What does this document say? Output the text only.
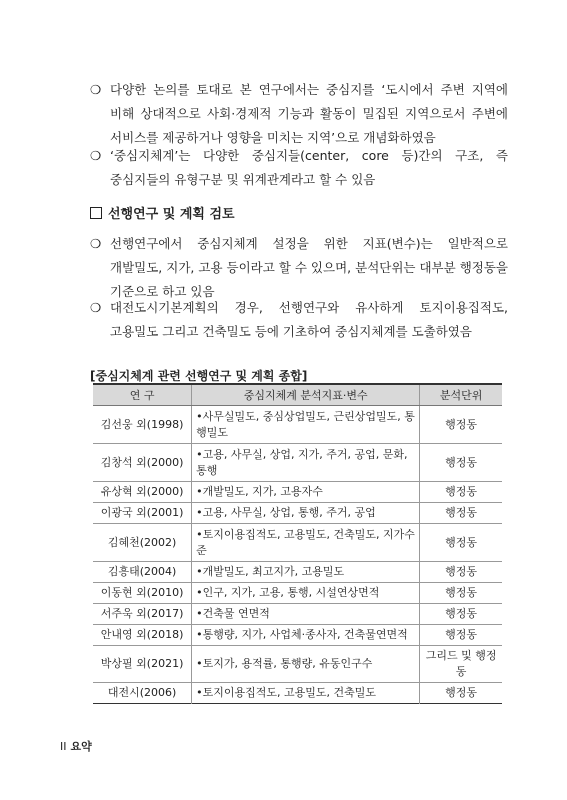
❍ 다양한 논의를 토대로 본 연구에서는 중심지를 ‘도시에서 주변 지역에 비해 상대적으로 사회·경제적 기능과 활동이 밀집된 지역으로서 주변에 서비스를 제공하거나 영향을 미치는 지역’으로 개념화하였음
❍ ‘중심지체계’는 다양한 중심지들(center, core 등)간의 구조, 즉 중심지들의 유형구분 및 위계관계라고 할 수 있음
선행연구 및 계획 검토
❍ 선행연구에서 중심지체계 설정을 위한 지표(변수)는 일반적으로 개발밀도, 지가, 고용 등이라고 할 수 있으며, 분석단위는 대부분 행정동을 기준으로 하고 있음
❍ 대전도시기본계획의 경우, 선행연구와 유사하게 토지이용집적도, 고용밀도 그리고 건축밀도 등에 기초하여 중심지체계를 도출하였음
[중심지체계 관련 선행연구 및 계획 종합]
연 구	중심지체계 분석지표·변수	분석단위
김선웅 외(1998)	•사무실밀도, 중심상업밀도, 근린상업밀도, 통행밀도	행정동
김창석 외(2000)	•고용, 사무실, 상업, 지가, 주거, 공업, 문화, 통행	행정동
유상혁 외(2000)	•개발밀도, 지가, 고용자수	행정동
이광국 외(2001)	•고용, 사무실, 상업, 통행, 주거, 공업	행정동
김혜천(2002)	•토지이용집적도, 고용밀도, 건축밀도, 지가수준	행정동
김흥태(2004)	•개발밀도, 최고지가, 고용밀도	행정동
이동현 외(2010)	•인구, 지가, 고용, 통행, 시설연상면적	행정동
서주욱 외(2017)	•건축물 연면적	행정동
안내영 외(2018)	•통행량, 지가, 사업체·종사자, 건축물연면적	행정동
박상필 외(2021)	•토지가, 용적률, 통행량, 유동인구수	그리드 및 행정동
대전시(2006)	•토지이용집적도, 고용밀도, 건축밀도	행정동
II 요약
